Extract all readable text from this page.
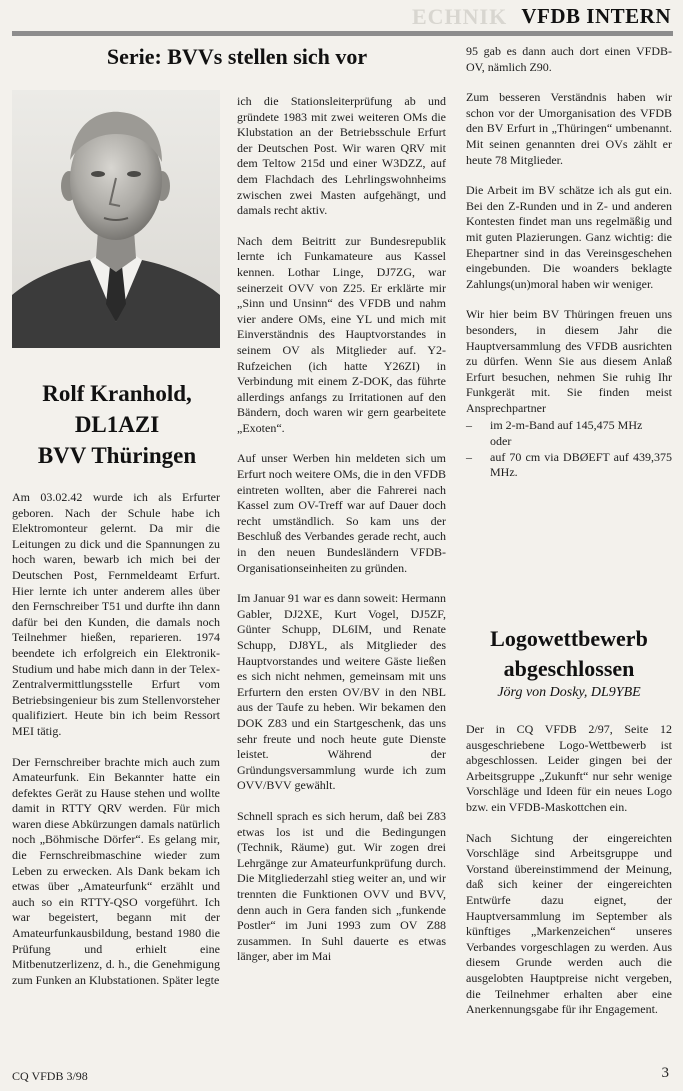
ECHNIK VFDB INTERN
Serie: BVVs stellen sich vor
Rolf Kranhold,
DL1AZI
BVV Thüringen

Am 03.02.42 wurde ich als Erfurter geboren. Nach der Schule habe ich Elektromonteur gelernt. Da mir die Leitungen zu dick und die Spannungen zu hoch waren, bewarb ich mich bei der Deutschen Post, Fernmeldeamt Erfurt. Hier lernte ich unter anderem alles über den Fernschreiber T51 und durfte ihn dann dafür bei den Kunden, die damals noch Teilnehmer hießen, reparieren. 1974 beendete ich erfolgreich ein Elektronik-Studium und habe mich dann in der Telex-Zentralvermittlungsstelle Erfurt vom Betriebsingenieur bis zum Stellenvorsteher qualifiziert. Heute bin ich beim Ressort MEI tätig.

Der Fernschreiber brachte mich auch zum Amateurfunk. Ein Bekannter hatte ein defektes Gerät zu Hause stehen und wollte damit in RTTY QRV werden. Für mich waren diese Abkürzungen damals natürlich noch „Böhmische Dörfer“. Es gelang mir, die Fernschreibmaschine wieder zum Leben zu erwecken. Als Dank bekam ich etwas über „Amateurfunk“ erzählt und auch so ein RTTY-QSO vorgeführt. Ich war begeistert, begann mit der Amateurfunkausbildung, bestand 1980 die Prüfung und erhielt eine Mitbenutzerlizenz, d. h., die Genehmigung zum Funken an Klubstationen. Später legte

ich die Stationsleiterprüfung ab und gründete 1983 mit zwei weiteren OMs die Klubstation an der Betriebsschule Erfurt der Deutschen Post. Wir waren QRV mit dem Teltow 215d und einer W3DZZ, auf dem Flachdach des Lehrlingswohnheims zwischen zwei Masten aufgehängt, und damals recht aktiv.

Nach dem Beitritt zur Bundesrepublik lernte ich Funkamateure aus Kassel kennen. Lothar Linge, DJ7ZG, war seinerzeit OVV von Z25. Er erklärte mir „Sinn und Unsinn“ des VFDB und nahm vier andere OMs, eine YL und mich mit Einverständnis des Hauptvorstandes in seinem OV als Mitglieder auf. Y2-Rufzeichen (ich hatte Y26ZI) in Verbindung mit einem Z-DOK, das führte allerdings anfangs zu Irritationen auf den Bändern, doch waren wir gern gearbeitete „Exoten“.

Auf unser Werben hin meldeten sich um Erfurt noch weitere OMs, die in den VFDB eintreten wollten, aber die Fahrerei nach Kassel zum OV-Treff war auf Dauer doch recht umständlich. So kam uns der Beschluß des Verbandes gerade recht, auch in den neuen Bundesländern VFDB-Organisationseinheiten zu gründen.

Im Januar 91 war es dann soweit: Hermann Gabler, DJ2XE, Kurt Vogel, DJ5ZF, Günter Schupp, DL6IM, und Renate Schupp, DJ8YL, als Mitglieder des Hauptvorstandes und weitere Gäste ließen es sich nicht nehmen, gemeinsam mit uns Erfurtern den ersten OV/BV in den NBL aus der Taufe zu heben. Wir bekamen den DOK Z83 und ein Startgeschenk, das uns sehr freute und noch heute gute Dienste leistet. Während der Gründungsversammlung wurde ich zum OVV/BVV gewählt.

Schnell sprach es sich herum, daß bei Z83 etwas los ist und die Bedingungen (Technik, Räume) gut. Wir zogen drei Lehrgänge zur Amateurfunkprüfung durch. Die Mitgliederzahl stieg weiter an, und wir trennten die Funktionen OVV und BVV, denn auch in Gera fanden sich „funkende Postler“ im Juni 1993 zum OV Z88 zusammen. In Suhl dauerte es etwas länger, aber im Mai

95 gab es dann auch dort einen VFDB-OV, nämlich Z90.

Zum besseren Verständnis haben wir schon vor der Umorganisation des VFDB den BV Erfurt in „Thüringen“ umbenannt. Mit seinen genannten drei OVs zählt er heute 78 Mitglieder.

Die Arbeit im BV schätze ich als gut ein. Bei den Z-Runden und in Z- und anderen Kontesten findet man uns regelmäßig und mit guten Plazierungen. Ganz wichtig: die Ehepartner sind in das Vereinsgeschehen eingebunden. Die woanders beklagte Zahlungs(un)moral haben wir weniger.

Wir hier beim BV Thüringen freuen uns besonders, in diesem Jahr die Hauptversammlung des VFDB ausrichten zu dürfen. Wenn Sie aus diesem Anlaß Erfurt besuchen, nehmen Sie ruhig Ihr Funkgerät mit. Sie finden meist Ansprechpartner

–	im 2-m-Band auf 145,475 MHz
oder
–	auf 70 cm via DBØEFT auf 439,375 MHz.
Logowettbewerb
abgeschlossen
Jörg von Dosky, DL9YBE

Der in CQ VFDB 2/97, Seite 12 ausgeschriebene Logo-Wettbewerb ist abgeschlossen. Leider gingen bei der Arbeitsgruppe „Zukunft“ nur sehr wenige Vorschläge und Ideen für ein neues Logo bzw. ein VFDB-Maskottchen ein.

Nach Sichtung der eingereichten Vorschläge sind Arbeitsgruppe und Vorstand übereinstimmend der Meinung, daß sich keiner der eingereichten Entwürfe dazu eignet, der Hauptversammlung im September als künftiges „Markenzeichen“ unseres Verbandes vorgeschlagen zu werden. Aus diesem Grunde werden auch die ausgelobten Hauptpreise nicht vergeben, die Teilnehmer erhalten aber eine Anerkennungsgabe für ihr Engagement.

CQ VFDB 3/98	3
